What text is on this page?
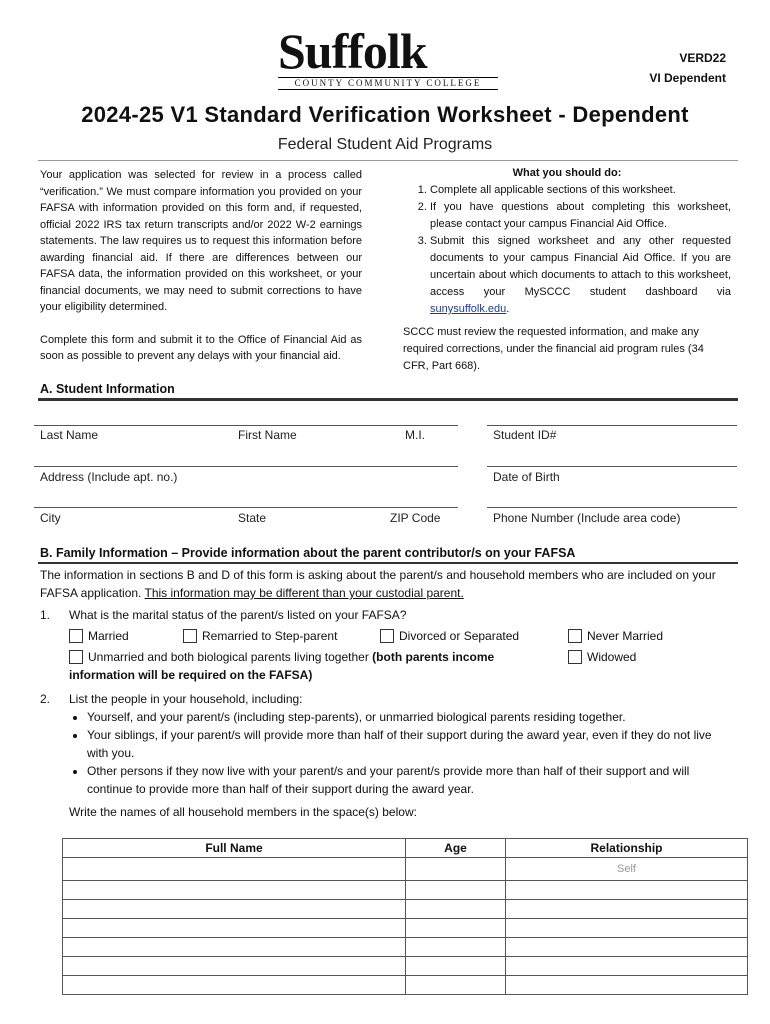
Suffolk
COUNTY COMMUNITY COLLEGE
VERD22
VI Dependent
2024-25 V1 Standard Verification Worksheet - Dependent
Federal Student Aid Programs

Your application was selected for review in a process called “verification.” We must compare information you provided on your FAFSA with information provided on this form and, if requested, official 2022 IRS tax return transcripts and/or 2022 W-2 earnings statements. The law requires us to request this information before awarding financial aid. If there are differences between our FAFSA data, the information provided on this worksheet, or your financial documents, we may need to submit corrections to have your eligibility determined.

Complete this form and submit it to the Office of Financial Aid as soon as possible to prevent any delays with your financial aid.

What you should do:
1. Complete all applicable sections of this worksheet.
2. If you have questions about completing this worksheet, please contact your campus Financial Aid Office.
3. Submit this signed worksheet and any other requested documents to your campus Financial Aid Office. If you are uncertain about which documents to attach to this worksheet, access your MySCCC student dashboard via sunysuffolk.edu.
SCCC must review the requested information, and make any required corrections, under the financial aid program rules (34 CFR, Part 668).
A. Student Information
Last Name	First Name	M.I.	Student ID#
Address (Include apt. no.)	Date of Birth
City	State	ZIP Code	Phone Number (Include area code)
B. Family Information – Provide information about the parent contributor/s on your FAFSA
The information in sections B and D of this form is asking about the parent/s and household members who are included on your FAFSA application. This information may be different than your custodial parent.
1. What is the marital status of the parent/s listed on your FAFSA?
Married	Remarried to Step-parent	Divorced or Separated	Never Married
Unmarried and both biological parents living together (both parents income information will be required on the FAFSA)
Widowed
2. List the people in your household, including:
• Yourself, and your parent/s (including step-parents), or unmarried biological parents residing together.
• Your siblings, if your parent/s will provide more than half of their support during the award year, even if they do not live with you.
• Other persons if they now live with your parent/s and your parent/s provide more than half of their support and will continue to provide more than half of their support during the award year.
Write the names of all household members in the space(s) below:
Full Name	Age	Relationship
		Self
